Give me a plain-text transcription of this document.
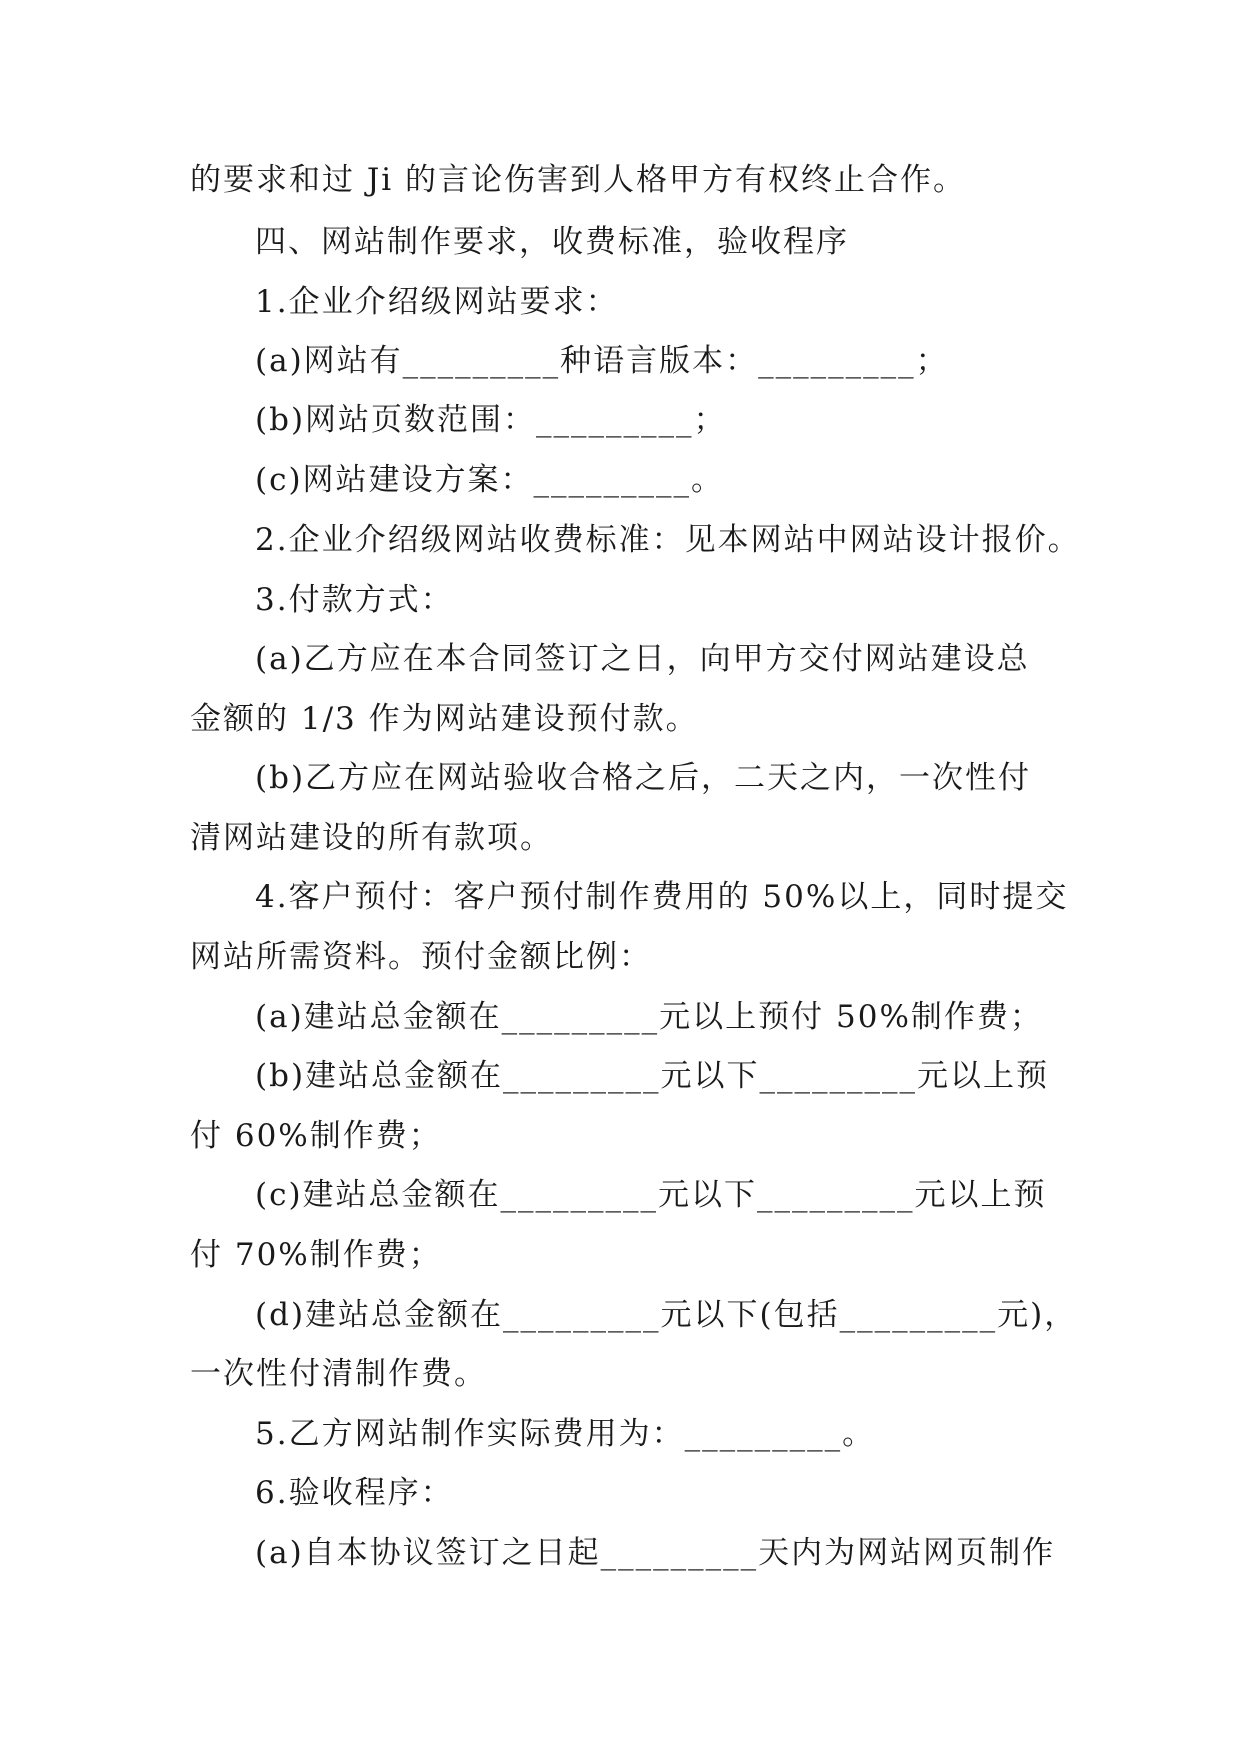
的要求和过 Ji 的言论伤害到人格甲方有权终止合作。
四、网站制作要求，收费标准，验收程序
1.企业介绍级网站要求：
(a)网站有_________种语言版本：_________；
(b)网站页数范围：_________；
(c)网站建设方案：_________。
2.企业介绍级网站收费标准：见本网站中网站设计报价。
3.付款方式：
(a)乙方应在本合同签订之日，向甲方交付网站建设总
金额的 1/3 作为网站建设预付款。
(b)乙方应在网站验收合格之后，二天之内，一次性付
清网站建设的所有款项。
4.客户预付：客户预付制作费用的 50%以上，同时提交
网站所需资料。预付金额比例：
(a)建站总金额在_________元以上预付 50%制作费；
(b)建站总金额在_________元以下_________元以上预
付 60%制作费；
(c)建站总金额在_________元以下_________元以上预
付 70%制作费；
(d)建站总金额在_________元以下(包括_________元)，
一次性付清制作费。
5.乙方网站制作实际费用为：_________。
6.验收程序：
(a)自本协议签订之日起_________天内为网站网页制作
